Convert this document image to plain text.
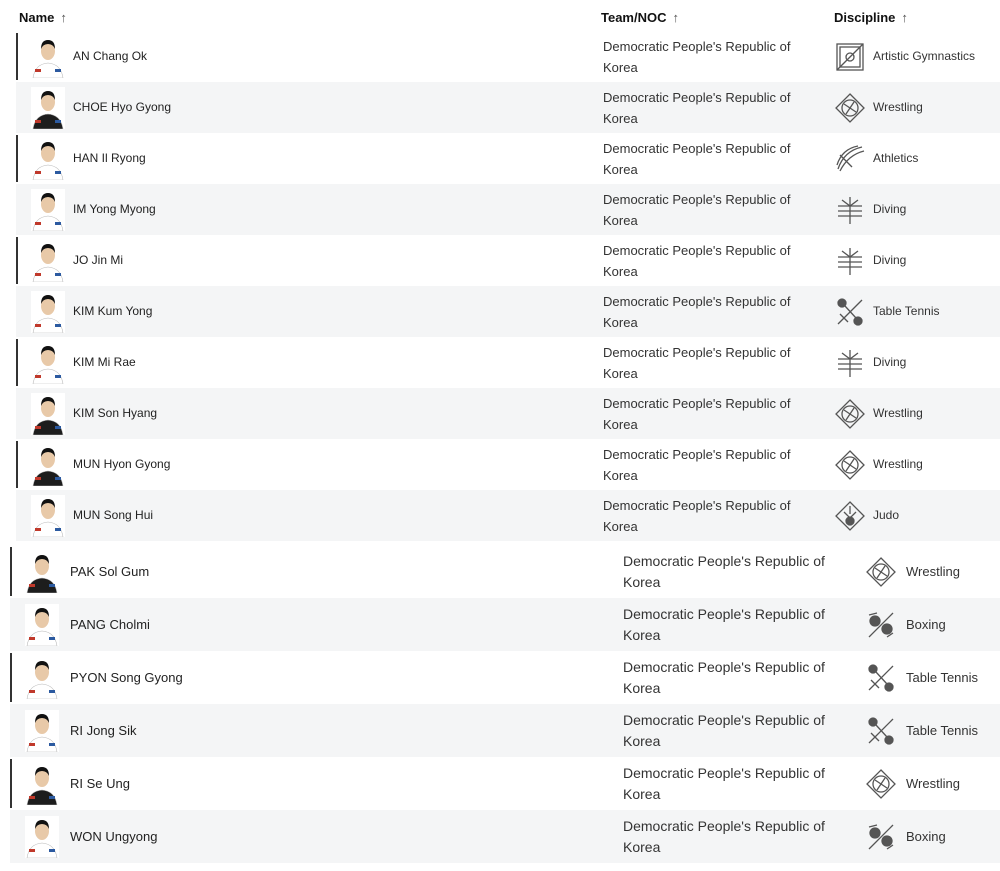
Name ↑	Team/NOC ↑	Discipline ↑
AN Chang Ok
Democratic People's Republic of
Korea
Artistic Gymnastics
CHOE Hyo Gyong
Democratic People's Republic of
Korea
Wrestling
HAN Il Ryong
Democratic People's Republic of
Korea
Athletics
IM Yong Myong
Democratic People's Republic of
Korea
Diving
JO Jin Mi
Democratic People's Republic of
Korea
Diving
KIM Kum Yong
Democratic People's Republic of
Korea
Table Tennis
KIM Mi Rae
Democratic People's Republic of
Korea
Diving
KIM Son Hyang
Democratic People's Republic of
Korea
Wrestling
MUN Hyon Gyong
Democratic People's Republic of
Korea
Wrestling
MUN Song Hui
Democratic People's Republic of
Korea
Judo
PAK Sol Gum
Democratic People's Republic of
Korea
Wrestling
PANG Cholmi
Democratic People's Republic of
Korea
Boxing
PYON Song Gyong
Democratic People's Republic of
Korea
Table Tennis
RI Jong Sik
Democratic People's Republic of
Korea
Table Tennis
RI Se Ung
Democratic People's Republic of
Korea
Wrestling
WON Ungyong
Democratic People's Republic of
Korea
Boxing
